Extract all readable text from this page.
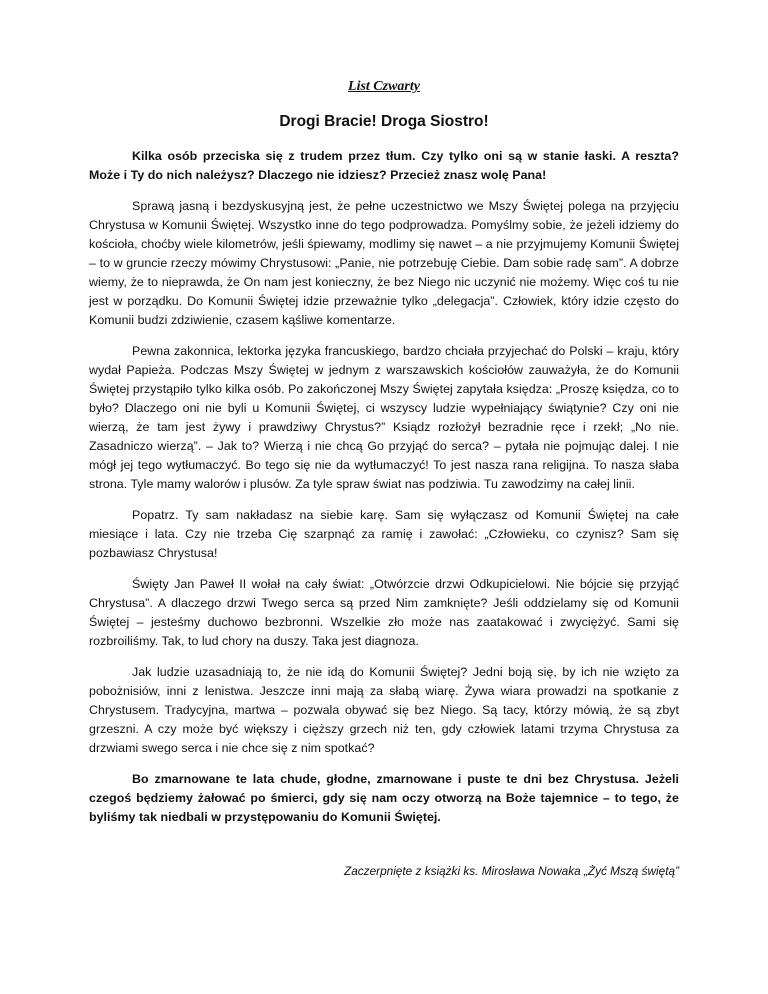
List Czwarty
Drogi Bracie! Droga Siostro!

Kilka osób przeciska się z trudem przez tłum. Czy tylko oni są w stanie łaski. A reszta? Może i Ty do nich należysz? Dlaczego nie idziesz? Przecież znasz wolę Pana!

Sprawą jasną i bezdyskusyjną jest, że pełne uczestnictwo we Mszy Świętej polega na przyjęciu Chrystusa w Komunii Świętej. Wszystko inne do tego podprowadza. Pomyślmy sobie, że jeżeli idziemy do kościoła, choćby wiele kilometrów, jeśli śpiewamy, modlimy się nawet – a nie przyjmujemy Komunii Świętej – to w gruncie rzeczy mówimy Chrystusowi: „Panie, nie potrzebuję Ciebie. Dam sobie radę sam”. A dobrze wiemy, że to nieprawda, że On nam jest konieczny, że bez Niego nic uczynić nie możemy. Więc coś tu nie jest w porządku. Do Komunii Świętej idzie przeważnie tylko „delegacja”. Człowiek, który idzie często do Komunii budzi zdziwienie, czasem kąśliwe komentarze.

Pewna zakonnica, lektorka języka francuskiego, bardzo chciała przyjechać do Polski – kraju, który wydał Papieża. Podczas Mszy Świętej w jednym z warszawskich kościołów zauważyła, że do Komunii Świętej przystąpiło tylko kilka osób. Po zakończonej Mszy Świętej zapytała księdza: „Proszę księdza, co to było? Dlaczego oni nie byli u Komunii Świętej, ci wszyscy ludzie wypełniający świątynie? Czy oni nie wierzą, że tam jest żywy i prawdziwy Chrystus?” Ksiądz rozłożył bezradnie ręce i rzekł; „No nie. Zasadniczo wierzą”. – Jak to? Wierzą i nie chcą Go przyjąć do serca? – pytała nie pojmując dalej. I nie mógł jej tego wytłumaczyć. Bo tego się nie da wytłumaczyć! To jest nasza rana religijna. To nasza słaba strona. Tyle mamy walorów i plusów. Za tyle spraw świat nas podziwia. Tu zawodzimy na całej linii.

Popatrz. Ty sam nakładasz na siebie karę. Sam się wyłączasz od Komunii Świętej na całe miesiące i lata. Czy nie trzeba Cię szarpnąć za ramię i zawołać: „Człowieku, co czynisz? Sam się pozbawiasz Chrystusa!

Święty Jan Paweł II wołał na cały świat: „Otwórzcie drzwi Odkupicielowi. Nie bójcie się przyjąć Chrystusa”. A dlaczego drzwi Twego serca są przed Nim zamknięte? Jeśli oddzielamy się od Komunii Świętej – jesteśmy duchowo bezbronni. Wszelkie zło może nas zaatakować i zwyciężyć. Sami się rozbroiliśmy. Tak, to lud chory na duszy. Taka jest diagnoza.

Jak ludzie uzasadniają to, że nie idą do Komunii Świętej? Jedni boją się, by ich nie wzięto za pobożnisiów, inni z lenistwa. Jeszcze inni mają za słabą wiarę. Żywa wiara prowadzi na spotkanie z Chrystusem. Tradycyjna, martwa – pozwala obywać się bez Niego. Są tacy, którzy mówią, że są zbyt grzeszni. A czy może być większy i cięższy grzech niż ten, gdy człowiek latami trzyma Chrystusa za drzwiami swego serca i nie chce się z nim spotkać?

Bo zmarnowane te lata chude, głodne, zmarnowane i puste te dni bez Chrystusa. Jeżeli czegoś będziemy żałować po śmierci, gdy się nam oczy otworzą na Boże tajemnice – to tego, że byliśmy tak niedbali w przystępowaniu do Komunii Świętej.

Zaczerpnięte z książki ks. Mirosława Nowaka „Żyć Mszą świętą”
